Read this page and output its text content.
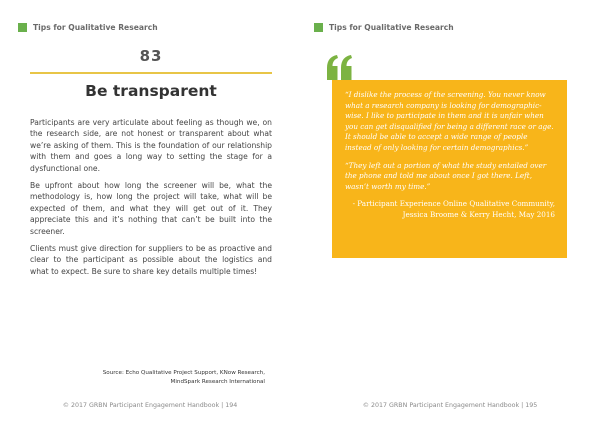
Tips for Qualitative Research
83
Be transparent

Participants are very articulate about feeling as though we, on the research side, are not honest or transparent about what we’re asking of them. This is the foundation of our relationship with them and goes a long way to setting the stage for a dysfunctional one.

Be upfront about how long the screener will be, what the methodology is, how long the project will take, what will be expected of them, and what they will get out of it. They appreciate this and it’s nothing that can’t be built into the screener.

Clients must give direction for suppliers to be as proactive and clear to the participant as possible about the logistics and what to expect. Be sure to share key details multiple times!

Source: Echo Qualitative Project Support, KNow Research,
MindSpark Research International
© 2017 GRBN Participant Engagement Handbook | 194
Tips for Qualitative Research

“I dislike the process of the screening. You never know what a research company is looking for demographic-wise. I like to participate in them and it is unfair when you can get disqualified for being a different race or age. It should be able to accept a wide range of people instead of only looking for certain demographics.”

“They left out a portion of what the study entailed over the phone and told me about once I got there. Left, wasn’t worth my time.”

- Participant Experience Online Qualitative Community,
Jessica Broome & Kerry Hecht, May 2016
© 2017 GRBN Participant Engagement Handbook | 195
